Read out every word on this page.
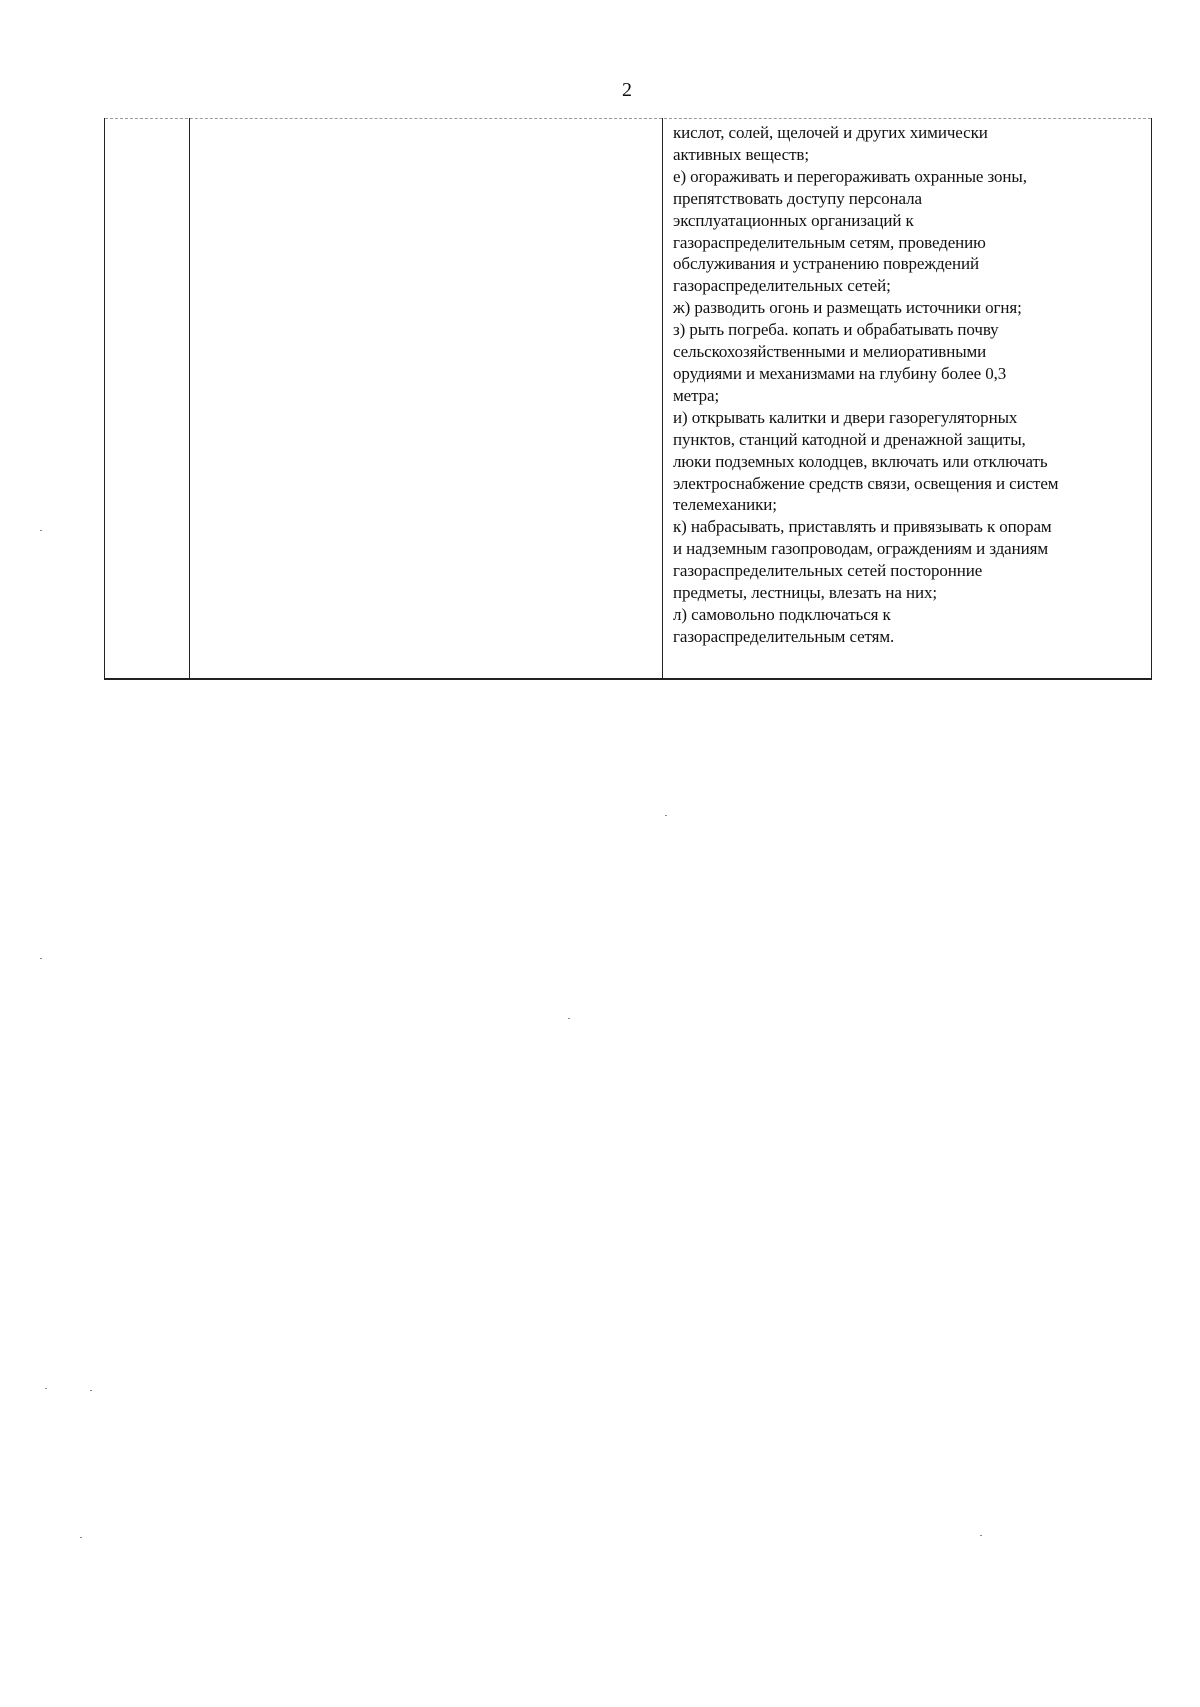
2
кислот, солей, щелочей и других химически
активных веществ;
е) огораживать и перегораживать охранные зоны,
препятствовать доступу персонала
эксплуатационных организаций к
газораспределительным сетям, проведению
обслуживания и устранению повреждений
газораспределительных сетей;
ж) разводить огонь и размещать источники огня;
з) рыть погреба. копать и обрабатывать почву
сельскохозяйственными и мелиоративными
орудиями и механизмами на глубину более 0,3
метра;
и) открывать калитки и двери газорегуляторных
пунктов, станций катодной и дренажной защиты,
люки подземных колодцев, включать или отключать
электроснабжение средств связи, освещения и систем
телемеханики;
к) набрасывать, приставлять и привязывать к опорам
и надземным газопроводам, ограждениям и зданиям
газораспределительных сетей посторонние
предметы, лестницы, влезать на них;
л) самовольно подключаться к
газораспределительным сетям.
